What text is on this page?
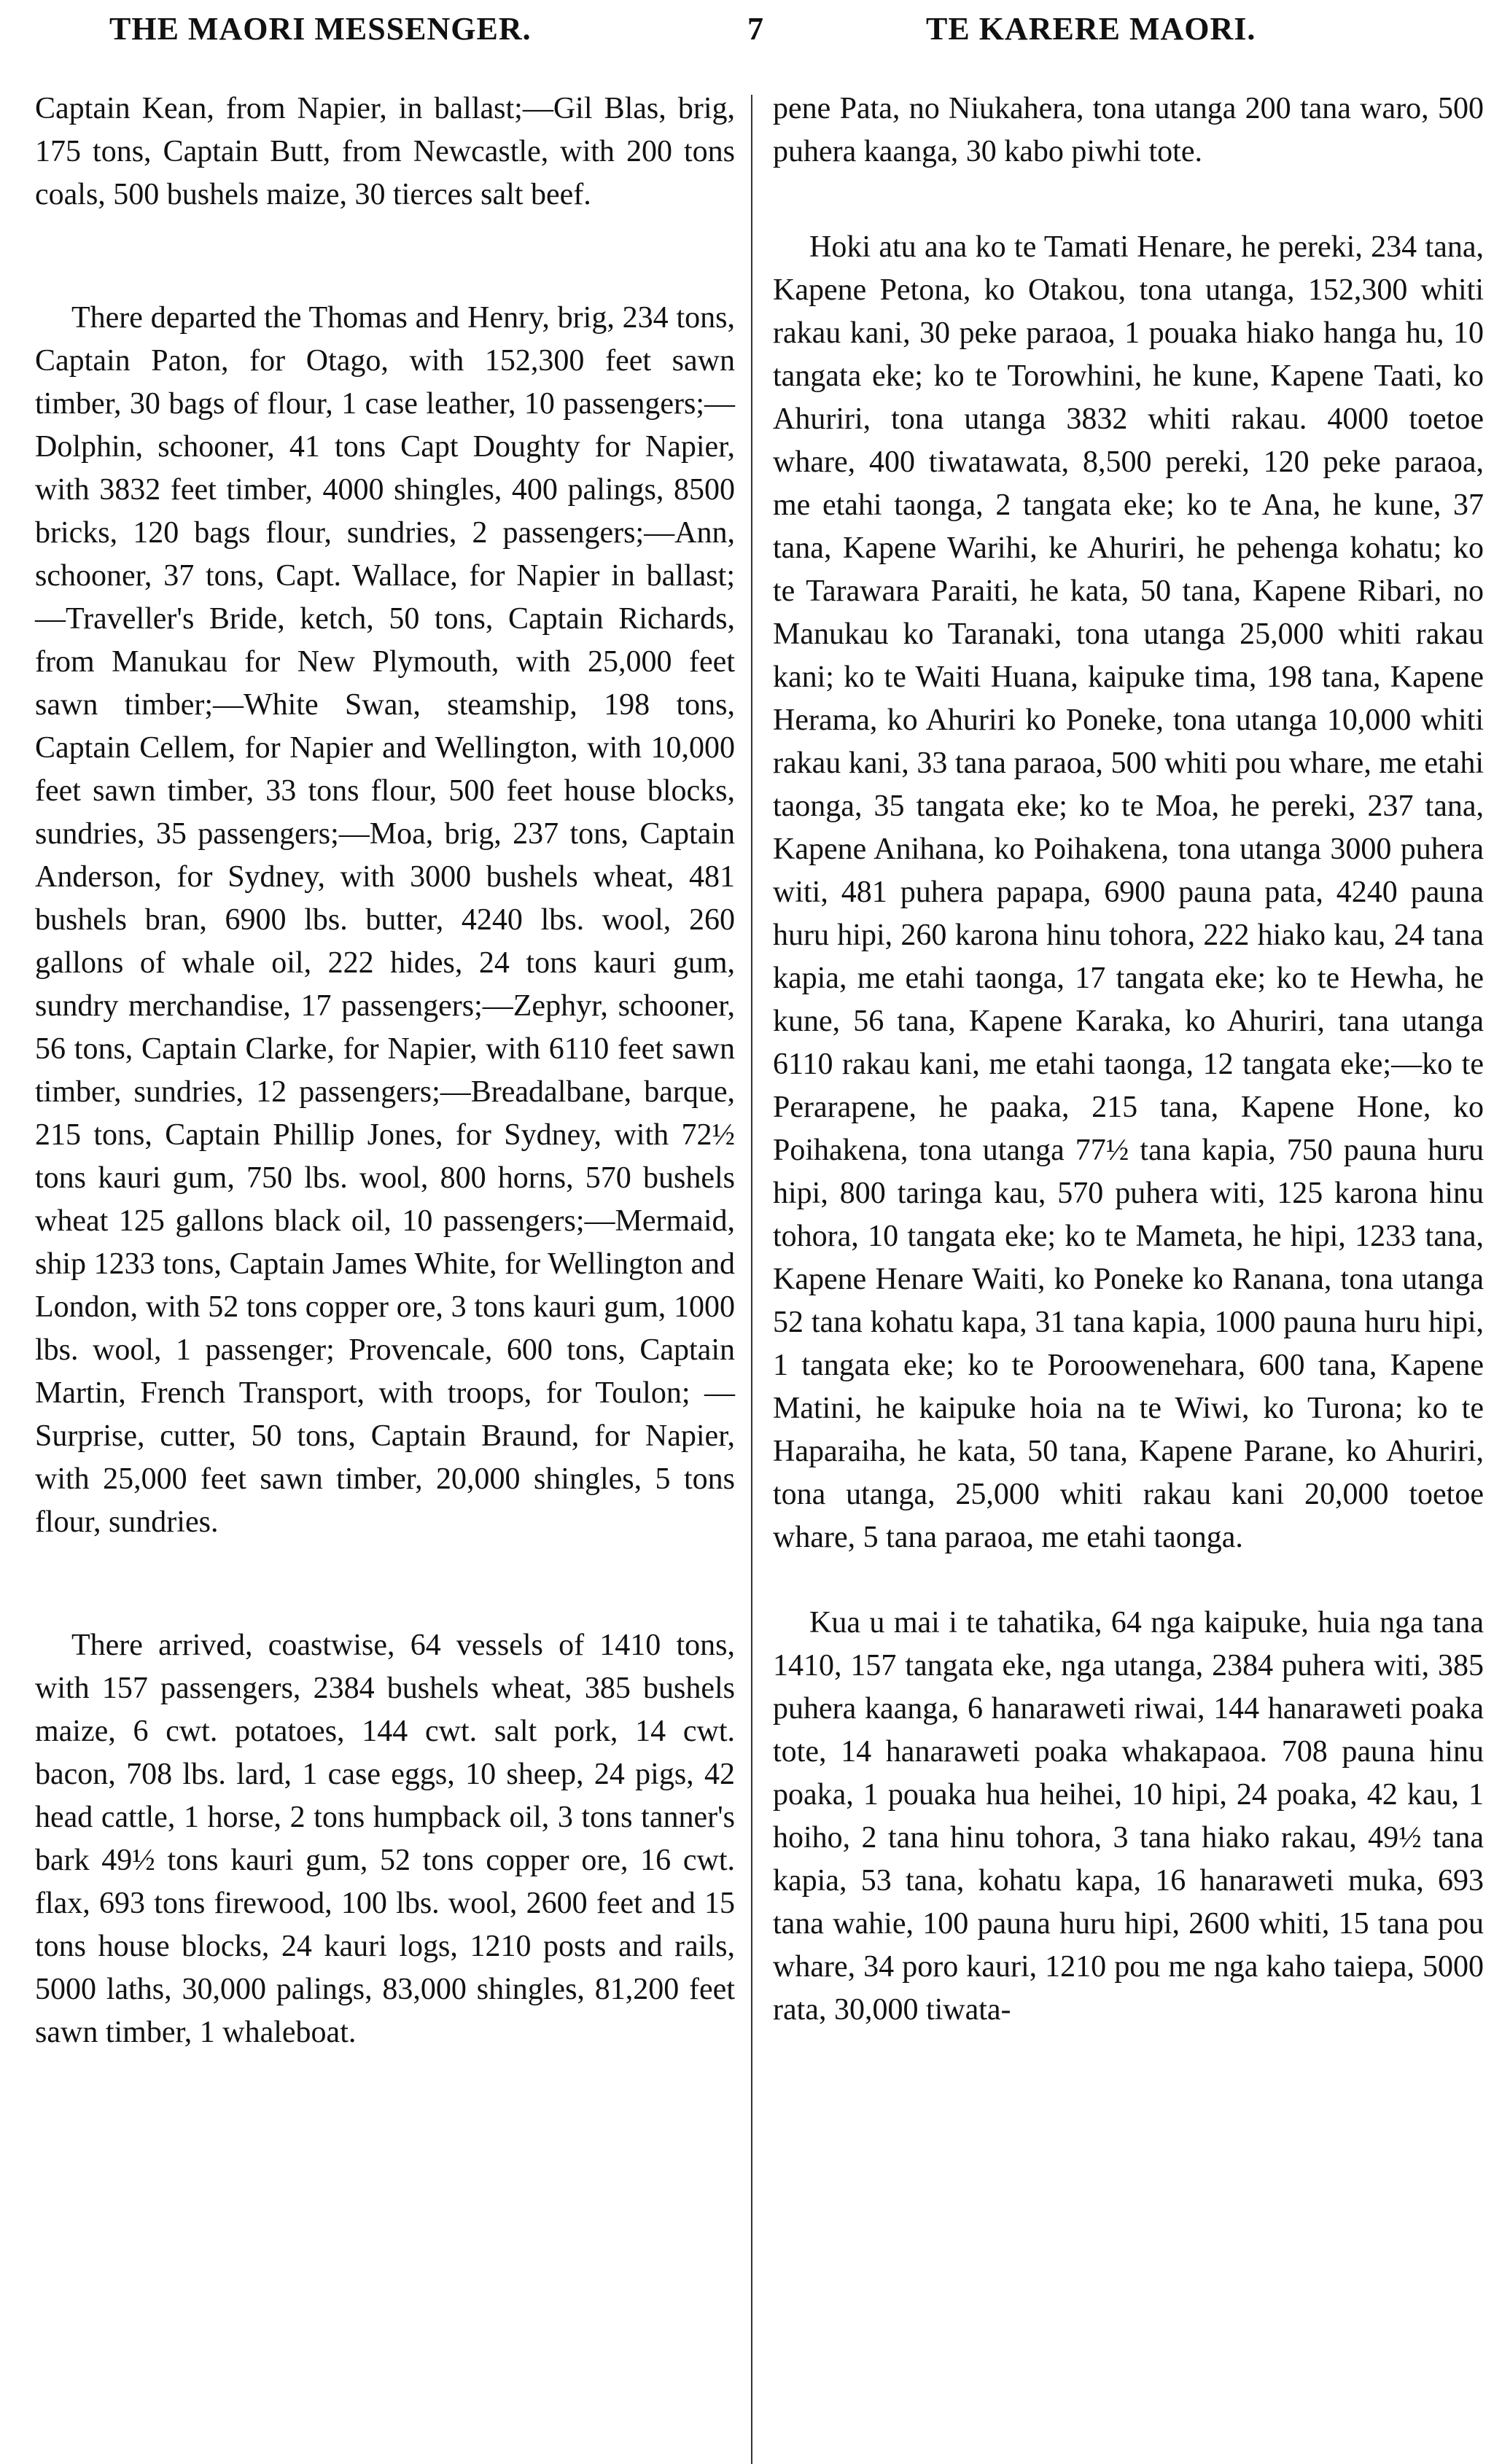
THE MAORI MESSENGER.	7	TE KARERE MAORI.

Captain Kean, from Napier, in ballast;—Gil Blas, brig, 175 tons, Captain Butt, from Newcastle, with 200 tons coals, 500 bushels maize, 30 tierces salt beef.

There departed the Thomas and Henry, brig, 234 tons, Captain Paton, for Otago, with 152,300 feet sawn timber, 30 bags of flour, 1 case leather, 10 passengers;—Dolphin, schooner, 41 tons Capt Doughty for Napier, with 3832 feet timber, 4000 shingles, 400 palings, 8500 bricks, 120 bags flour, sundries, 2 passengers;—Ann, schooner, 37 tons, Capt. Wallace, for Napier in ballast; —Traveller's Bride, ketch, 50 tons, Captain Richards, from Manukau for New Plymouth, with 25,000 feet sawn timber;—White Swan, steamship, 198 tons, Captain Cellem, for Napier and Wellington, with 10,000 feet sawn timber, 33 tons flour, 500 feet house blocks, sundries, 35 passengers;—Moa, brig, 237 tons, Captain Anderson, for Sydney, with 3000 bushels wheat, 481 bushels bran, 6900 lbs. butter, 4240 lbs. wool, 260 gallons of whale oil, 222 hides, 24 tons kauri gum, sundry merchandise, 17 passengers;—Zephyr, schooner, 56 tons, Captain Clarke, for Napier, with 6110 feet sawn timber, sundries, 12 passengers;—Breadalbane, barque, 215 tons, Captain Phillip Jones, for Sydney, with 72½ tons kauri gum, 750 lbs. wool, 800 horns, 570 bushels wheat 125 gallons black oil, 10 passengers;—Mermaid, ship 1233 tons, Captain James White, for Wellington and London, with 52 tons copper ore, 3 tons kauri gum, 1000 lbs. wool, 1 passenger; Provencale, 600 tons, Captain Martin, French Transport, with troops, for Toulon; —Surprise, cutter, 50 tons, Captain Braund, for Napier, with 25,000 feet sawn timber, 20,000 shingles, 5 tons flour, sundries.

There arrived, coastwise, 64 vessels of 1410 tons, with 157 passengers, 2384 bushels wheat, 385 bushels maize, 6 cwt. potatoes, 144 cwt. salt pork, 14 cwt. bacon, 708 lbs. lard, 1 case eggs, 10 sheep, 24 pigs, 42 head cattle, 1 horse, 2 tons humpback oil, 3 tons tanner's bark 49½ tons kauri gum, 52 tons copper ore, 16 cwt. flax, 693 tons firewood, 100 lbs. wool, 2600 feet and 15 tons house blocks, 24 kauri logs, 1210 posts and rails, 5000 laths, 30,000 palings, 83,000 shingles, 81,200 feet sawn timber, 1 whaleboat.

pene Pata, no Niukahera, tona utanga 200 tana waro, 500 puhera kaanga, 30 kabo piwhi tote.

Hoki atu ana ko te Tamati Henare, he pereki, 234 tana, Kapene Petona, ko Otakou, tona utanga, 152,300 whiti rakau kani, 30 peke paraoa, 1 pouaka hiako hanga hu, 10 tangata eke; ko te Torowhini, he kune, Kapene Taati, ko Ahuriri, tona utanga 3832 whiti rakau. 4000 toetoe whare, 400 tiwatawata, 8,500 pereki, 120 peke paraoa, me etahi taonga, 2 tangata eke; ko te Ana, he kune, 37 tana, Kapene Warihi, ke Ahuriri, he pehenga kohatu; ko te Tarawara Paraiti, he kata, 50 tana, Kapene Ribari, no Manukau ko Taranaki, tona utanga 25,000 whiti rakau kani; ko te Waiti Huana, kaipuke tima, 198 tana, Kapene Herama, ko Ahuriri ko Poneke, tona utanga 10,000 whiti rakau kani, 33 tana paraoa, 500 whiti pou whare, me etahi taonga, 35 tangata eke; ko te Moa, he pereki, 237 tana, Kapene Anihana, ko Poihakena, tona utanga 3000 puhera witi, 481 puhera papapa, 6900 pauna pata, 4240 pauna huru hipi, 260 karona hinu tohora, 222 hiako kau, 24 tana kapia, me etahi taonga, 17 tangata eke; ko te Hewha, he kune, 56 tana, Kapene Karaka, ko Ahuriri, tana utanga 6110 rakau kani, me etahi taonga, 12 tangata eke;—ko te Perarapene, he paaka, 215 tana, Kapene Hone, ko Poihakena, tona utanga 77½ tana kapia, 750 pauna huru hipi, 800 taringa kau, 570 puhera witi, 125 karona hinu tohora, 10 tangata eke; ko te Mameta, he hipi, 1233 tana, Kapene Henare Waiti, ko Poneke ko Ranana, tona utanga 52 tana kohatu kapa, 31 tana kapia, 1000 pauna huru hipi, 1 tangata eke; ko te Poroowenehara, 600 tana, Kapene Matini, he kaipuke hoia na te Wiwi, ko Turona; ko te Haparaiha, he kata, 50 tana, Kapene Parane, ko Ahuriri, tona utanga, 25,000 whiti rakau kani 20,000 toetoe whare, 5 tana paraoa, me etahi taonga.

Kua u mai i te tahatika, 64 nga kaipuke, huia nga tana 1410, 157 tangata eke, nga utanga, 2384 puhera witi, 385 puhera kaanga, 6 hanaraweti riwai, 144 hanaraweti poaka tote, 14 hanaraweti poaka whakapaoa. 708 pauna hinu poaka, 1 pouaka hua heihei, 10 hipi, 24 poaka, 42 kau, 1 hoiho, 2 tana hinu tohora, 3 tana hiako rakau, 49½ tana kapia, 53 tana, kohatu kapa, 16 hanaraweti muka, 693 tana wahie, 100 pauna huru hipi, 2600 whiti, 15 tana pou whare, 34 poro kauri, 1210 pou me nga kaho taiepa, 5000 rata, 30,000 tiwata-
